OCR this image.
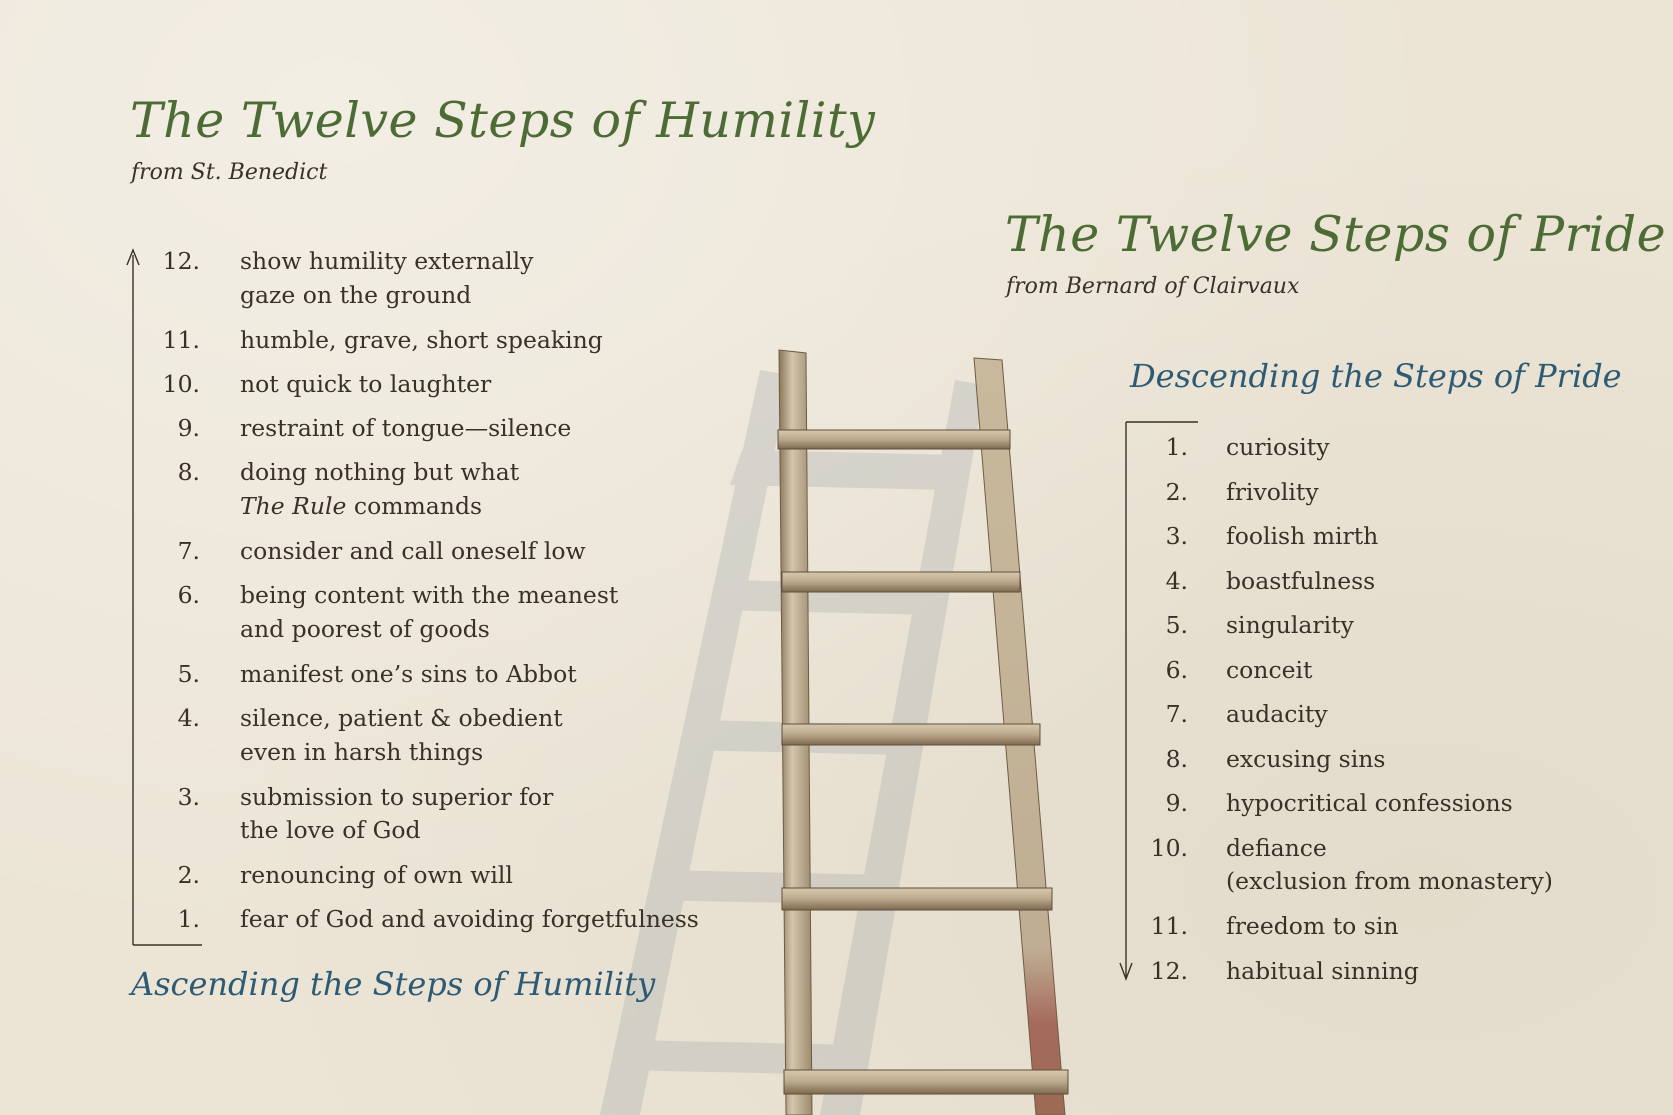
The Twelve Steps of Humility
from St. Benedict
12. show humility externally
gaze on the ground
11. humble, grave, short speaking
10. not quick to laughter
9. restraint of tongue—silence
8. doing nothing but what
The Rule commands
7. consider and call oneself low
6. being content with the meanest
and poorest of goods
5. manifest one’s sins to Abbot
4. silence, patient & obedient
even in harsh things
3. submission to superior for
the love of God
2. renouncing of own will
1. fear of God and avoiding forgetfulness
Ascending the Steps of Humility
The Twelve Steps of Pride
from Bernard of Clairvaux
Descending the Steps of Pride
1. curiosity
2. frivolity
3. foolish mirth
4. boastfulness
5. singularity
6. conceit
7. audacity
8. excusing sins
9. hypocritical confessions
10. defiance
(exclusion from monastery)
11. freedom to sin
12. habitual sinning
